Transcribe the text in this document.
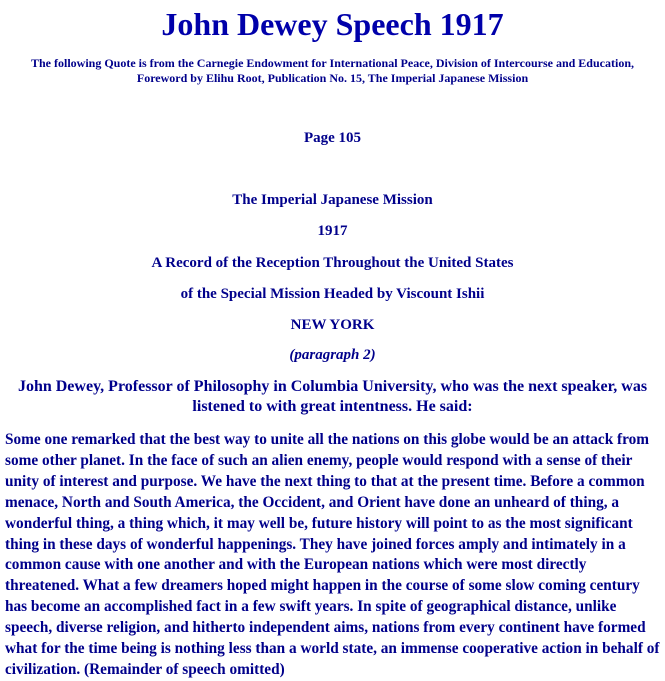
John Dewey Speech 1917
The following Quote is from the Carnegie Endowment for International Peace, Division of Intercourse and Education, Foreword by Elihu Root, Publication No. 15, The Imperial Japanese Mission
Page 105
The Imperial Japanese Mission
1917
A Record of the Reception Throughout the United States
of the Special Mission Headed by Viscount Ishii
NEW YORK
(paragraph 2)
John Dewey, Professor of Philosophy in Columbia University, who was the next speaker, was listened to with great intentness. He said:
Some one remarked that the best way to unite all the nations on this globe would be an attack from some other planet. In the face of such an alien enemy, people would respond with a sense of their unity of interest and purpose. We have the next thing to that at the present time. Before a common menace, North and South America, the Occident, and Orient have done an unheard of thing, a wonderful thing, a thing which, it may well be, future history will point to as the most significant thing in these days of wonderful happenings. They have joined forces amply and intimately in a common cause with one another and with the European nations which were most directly threatened. What a few dreamers hoped might happen in the course of some slow coming century has become an accomplished fact in a few swift years. In spite of geographical distance, unlike speech, diverse religion, and hitherto independent aims, nations from every continent have formed what for the time being is nothing less than a world state, an immense cooperative action in behalf of civilization. (Remainder of speech omitted)
